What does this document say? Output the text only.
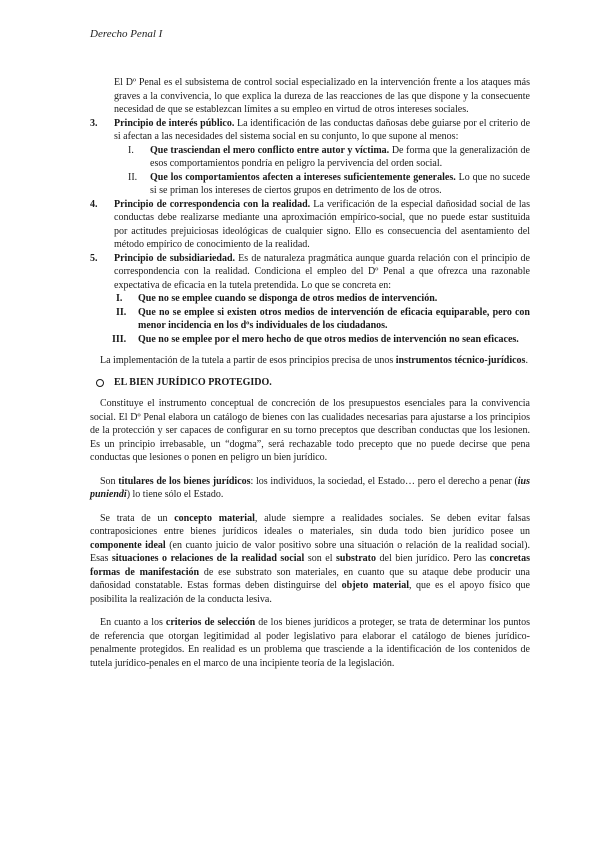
Derecho Penal I

El Dº Penal es el subsistema de control social especializado en la intervención frente a los ataques más graves a la convivencia, lo que explica la dureza de las reacciones de las que dispone y la consecuente necesidad de que se establezcan límites a su empleo en virtud de otros intereses sociales.

3. Principio de interés público. La identificación de las conductas dañosas debe guiarse por el criterio de si afectan a las necesidades del sistema social en su conjunto, lo que supone al menos:

I. Que trasciendan el mero conflicto entre autor y víctima. De forma que la generalización de esos comportamientos pondría en peligro la pervivencia del orden social.

II. Que los comportamientos afecten a intereses suficientemente generales. Lo que no sucede si se priman los intereses de ciertos grupos en detrimento de los de otros.

4. Principio de correspondencia con la realidad. La verificación de la especial dañosidad social de las conductas debe realizarse mediante una aproximación empírico-social, que no puede estar sustituida por actitudes prejuiciosas ideológicas de cualquier signo. Ello es consecuencia del asentamiento del método empírico de conocimiento de la realidad.

5. Principio de subsidiariedad. Es de naturaleza pragmática aunque guarda relación con el principio de correspondencia con la realidad. Condiciona el empleo del Dº Penal a que ofrezca una razonable expectativa de eficacia en la tutela pretendida. Lo que se concreta en:

I. Que no se emplee cuando se disponga de otros medios de intervención.

II. Que no se emplee si existen otros medios de intervención de eficacia equiparable, pero con menor incidencia en los dºs individuales de los ciudadanos.

III. Que no se emplee por el mero hecho de que otros medios de intervención no sean eficaces.

La implementación de la tutela a partir de esos principios precisa de unos instrumentos técnico-jurídicos.

EL BIEN JURÍDICO PROTEGIDO.

Constituye el instrumento conceptual de concreción de los presupuestos esenciales para la convivencia social. El Dº Penal elabora un catálogo de bienes con las cualidades necesarias para ajustarse a los principios de la protección y ser capaces de configurar en su torno preceptos que describan conductas que los lesionen. Es un principio irrebasable, un “dogma”, será rechazable todo precepto que no puede decirse que pena conductas que lesiones o ponen en peligro un bien jurídico.

Son titulares de los bienes jurídicos: los individuos, la sociedad, el Estado… pero el derecho a penar (ius puniendi) lo tiene sólo el Estado.

Se trata de un concepto material, alude siempre a realidades sociales. Se deben evitar falsas contraposiciones entre bienes jurídicos ideales o materiales, sin duda todo bien jurídico posee un componente ideal (en cuanto juicio de valor positivo sobre una situación o relación de la realidad social). Esas situaciones o relaciones de la realidad social son el substrato del bien jurídico. Pero las concretas formas de manifestación de ese substrato son materiales, en cuanto que su ataque debe producir una dañosidad constatable. Estas formas deben distinguirse del objeto material, que es el apoyo físico que posibilita la realización de la conducta lesiva.

En cuanto a los criterios de selección de los bienes jurídicos a proteger, se trata de determinar los puntos de referencia que otorgan legitimidad al poder legislativo para elaborar el catálogo de bienes jurídico-penalmente protegidos. En realidad es un problema que trasciende a la identificación de los contenidos de tutela jurídico-penales en el marco de una incipiente teoría de la legislación.
